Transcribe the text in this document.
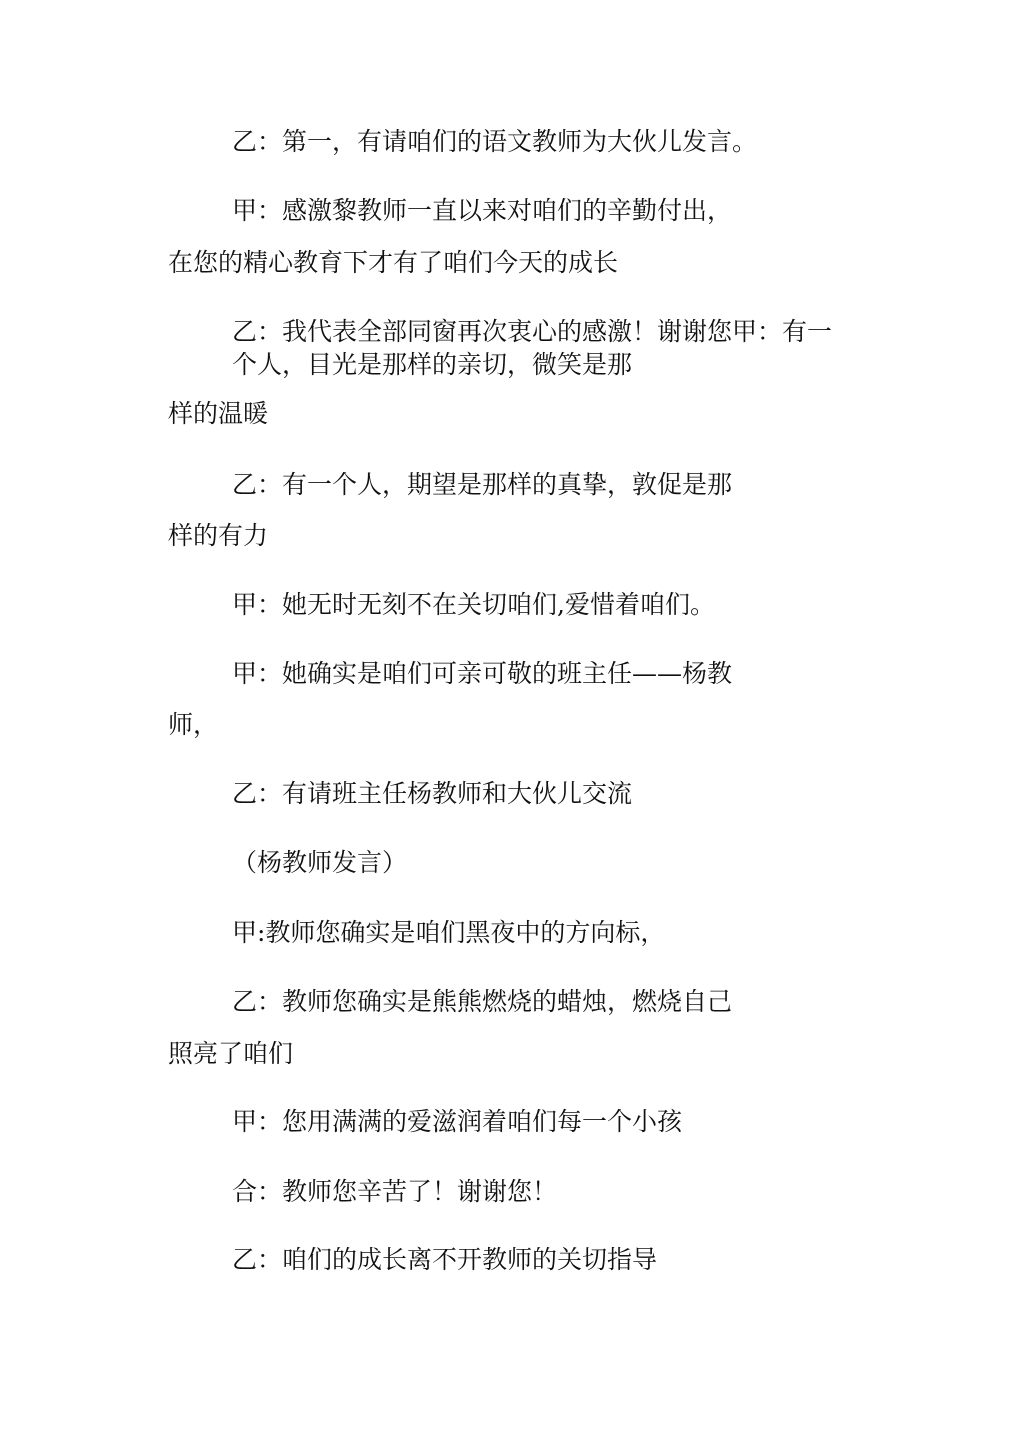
乙：第一，有请咱们的语文教师为大伙儿发言。
甲：感激黎教师一直以来对咱们的辛勤付出，
在您的精心教育下才有了咱们今天的成长
乙：我代表全部同窗再次衷心的感激！谢谢您甲：有一
个人，目光是那样的亲切，微笑是那
样的温暖
乙：有一个人，期望是那样的真挚，敦促是那
样的有力
甲：她无时无刻不在关切咱们,爱惜着咱们。
甲：她确实是咱们可亲可敬的班主任——杨教
师，
乙：有请班主任杨教师和大伙儿交流
（杨教师发言）
甲:教师您确实是咱们黑夜中的方向标，
乙：教师您确实是熊熊燃烧的蜡烛，燃烧自己
照亮了咱们
甲：您用满满的爱滋润着咱们每一个小孩
合：教师您辛苦了！谢谢您！
乙：咱们的成长离不开教师的关切指导
